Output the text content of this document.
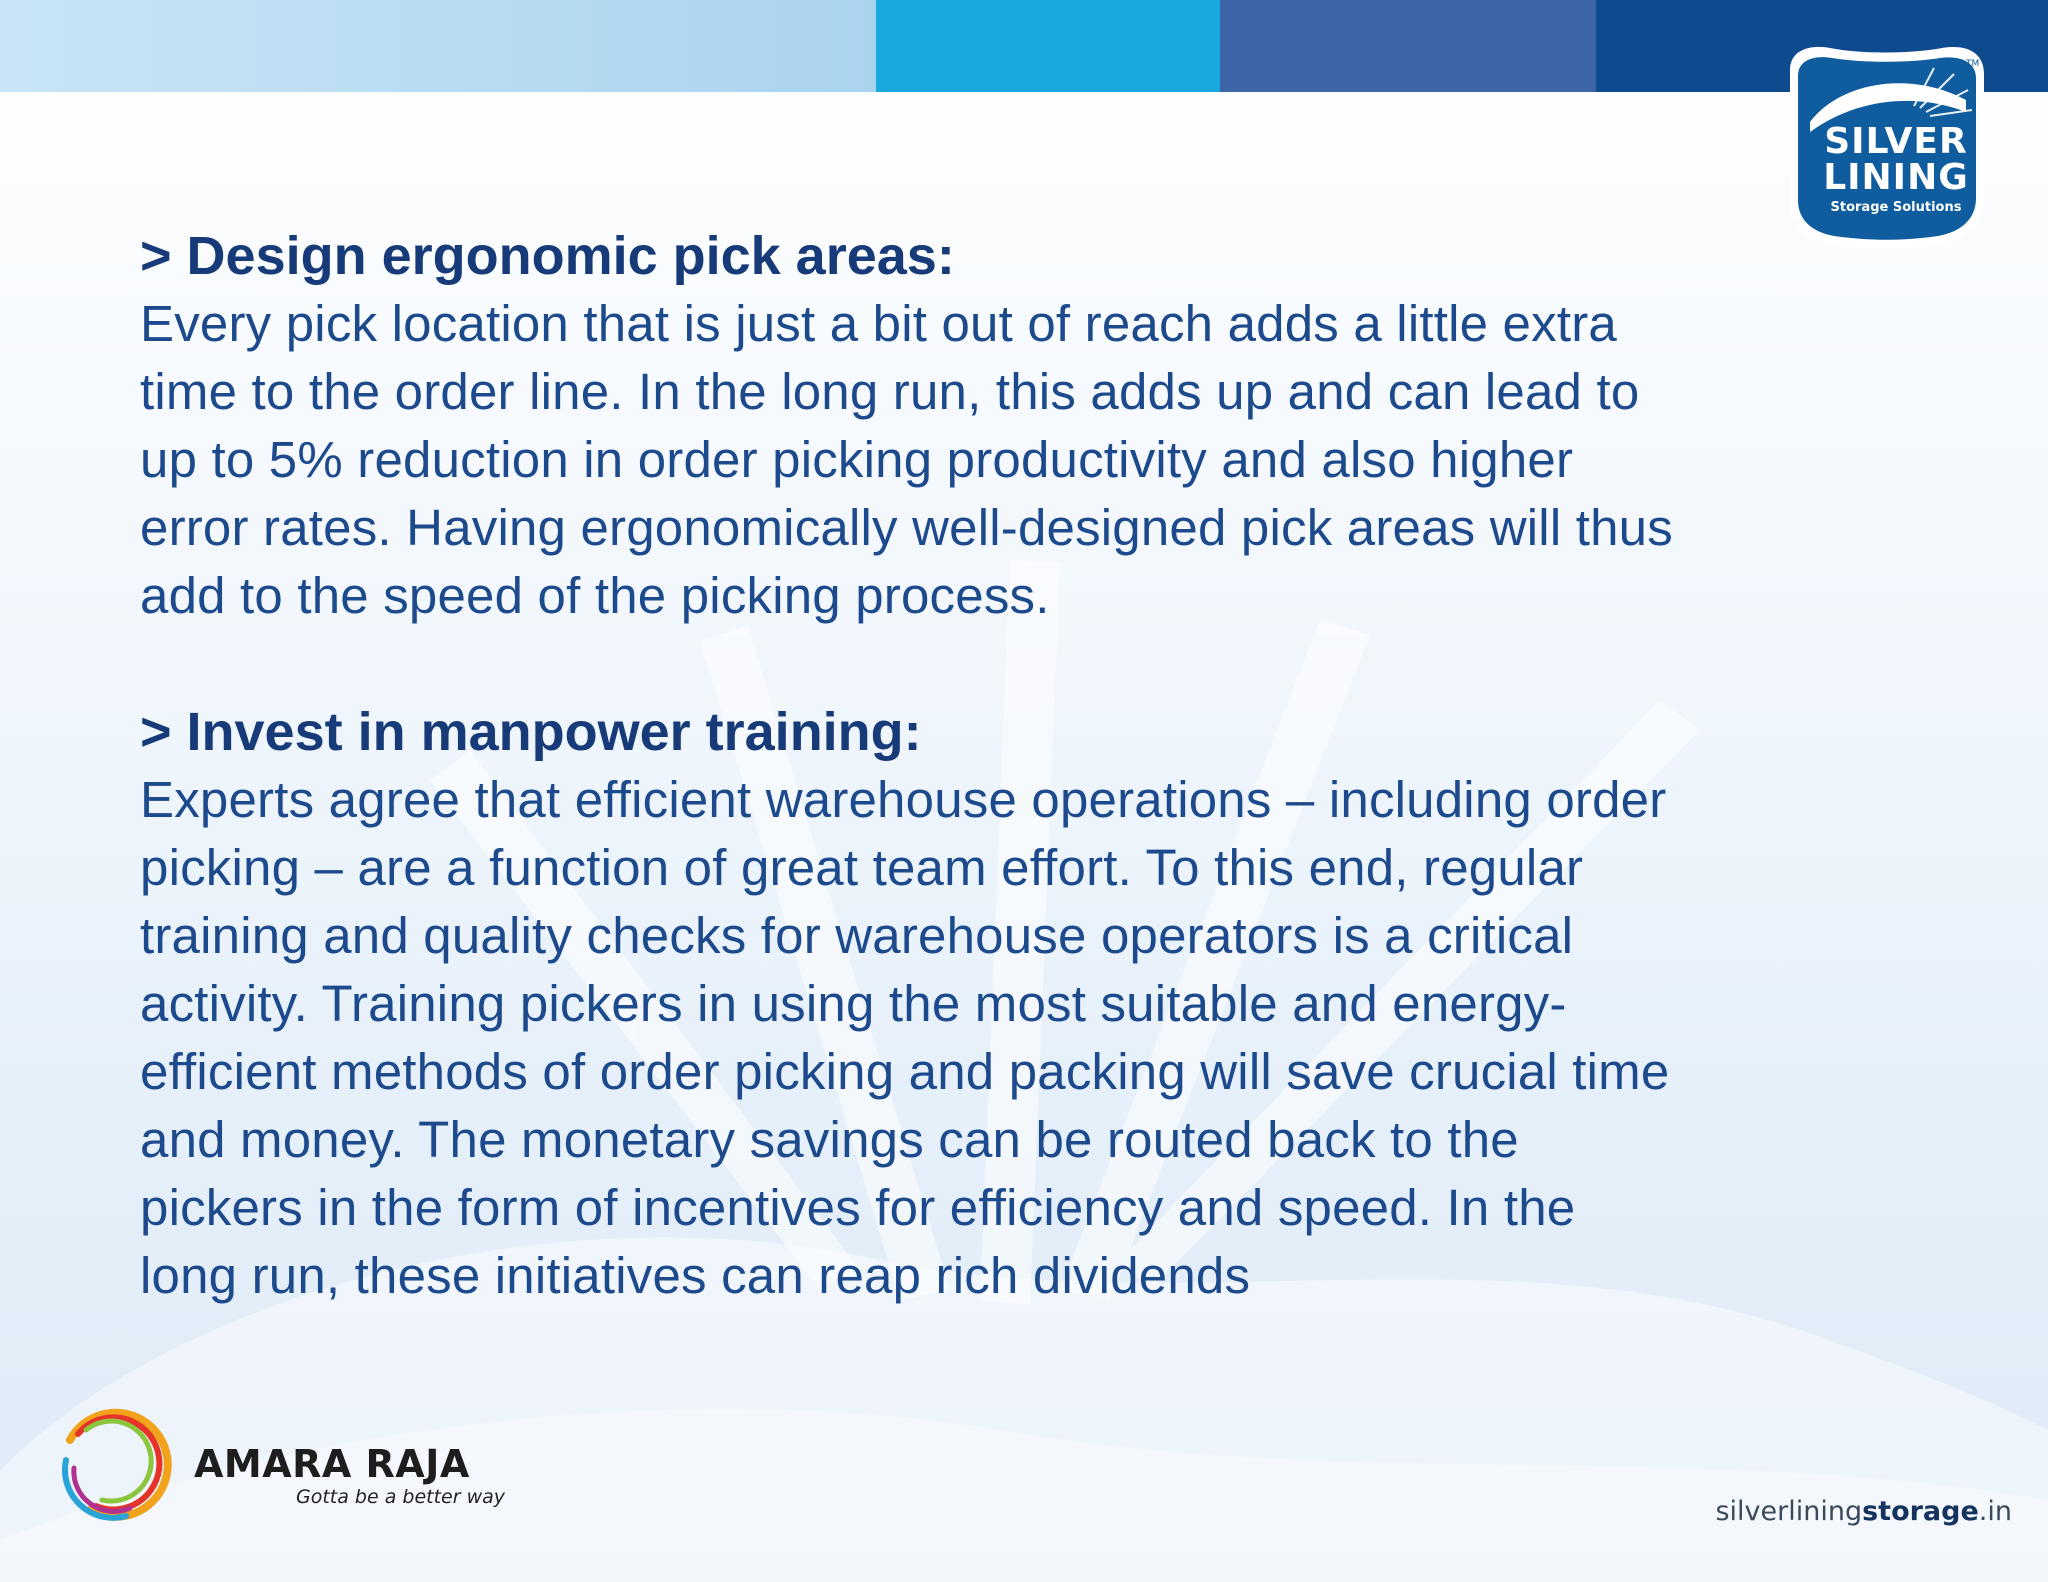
> Design ergonomic pick areas:

Every pick location that is just a bit out of reach adds a little extra

time to the order line. In the long run, this adds up and can lead to

up to 5% reduction in order picking productivity and also higher

error rates. Having ergonomically well-designed pick areas will thus

add to the speed of the picking process.

> Invest in manpower training:

Experts agree that efficient warehouse operations – including order

picking – are a function of great team effort. To this end, regular

training and quality checks for warehouse operators is a critical

activity. Training pickers in using the most suitable and energy-

efficient methods of order picking and packing will save crucial time

and money. The monetary savings can be routed back to the

pickers in the form of incentives for efficiency and speed. In the

long run, these initiatives can reap rich dividends

TM
SILVER
LINING
Storage Solutions
AMARA RAJA
Gotta be a better way	silverliningstorage.in
